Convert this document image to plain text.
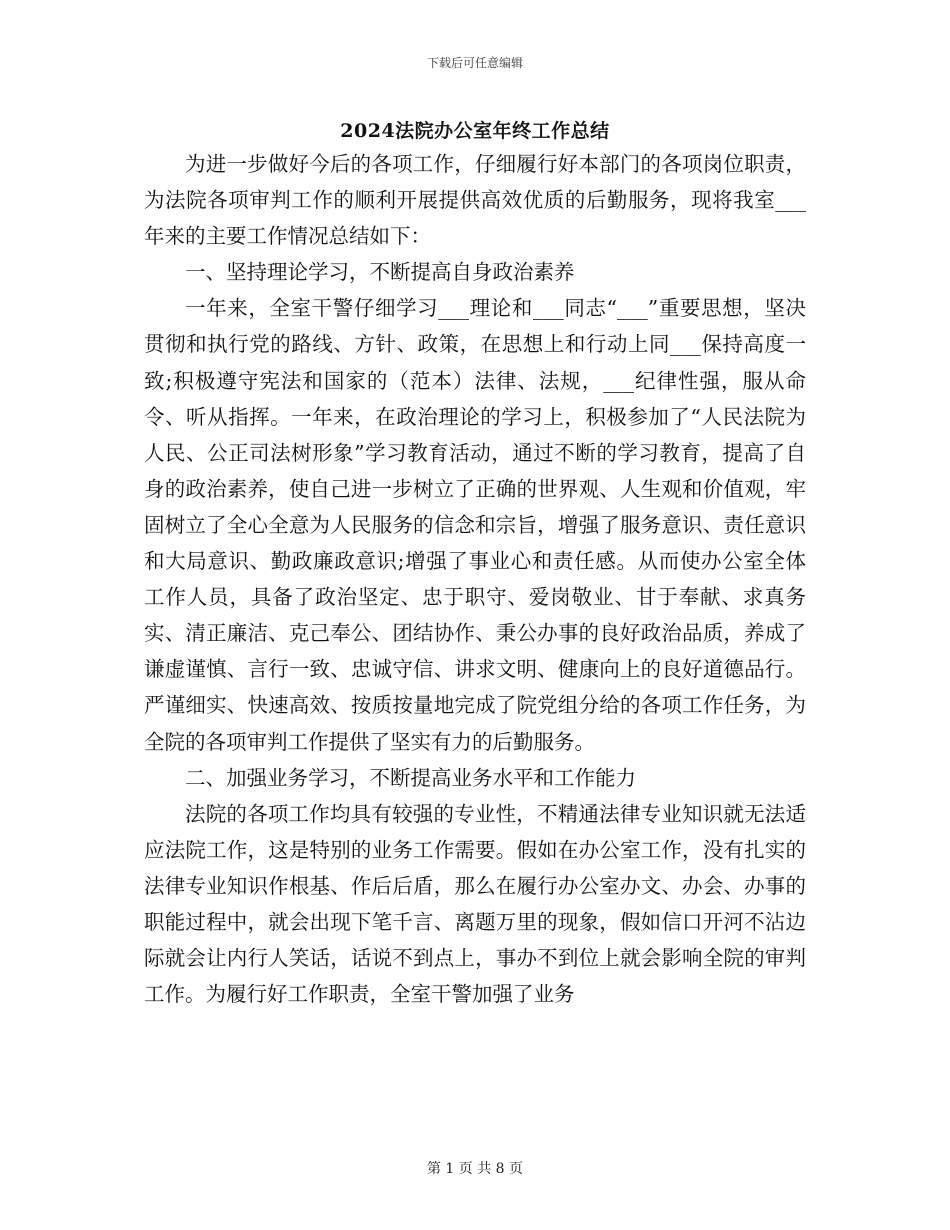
下载后可任意编辑
2024法院办公室年终工作总结

为进一步做好今后的各项工作，仔细履行好本部门的各项岗位职责，为法院各项审判工作的顺利开展提供高效优质的后勤服务，现将我室___年来的主要工作情况总结如下：

一、坚持理论学习，不断提高自身政治素养

一年来，全室干警仔细学习___理论和___同志“___”重要思想，坚决贯彻和执行党的路线、方针、政策，在思想上和行动上同___保持高度一致;积极遵守宪法和国家的（范本）法律、法规，___纪律性强，服从命令、听从指挥。一年来，在政治理论的学习上，积极参加了“人民法院为人民、公正司法树形象”学习教育活动，通过不断的学习教育，提高了自身的政治素养，使自己进一步树立了正确的世界观、人生观和价值观，牢固树立了全心全意为人民服务的信念和宗旨，增强了服务意识、责任意识和大局意识、勤政廉政意识;增强了事业心和责任感。从而使办公室全体工作人员，具备了政治坚定、忠于职守、爱岗敬业、甘于奉献、求真务实、清正廉洁、克己奉公、团结协作、秉公办事的良好政治品质，养成了谦虚谨慎、言行一致、忠诚守信、讲求文明、健康向上的良好道德品行。严谨细实、快速高效、按质按量地完成了院党组分给的各项工作任务，为全院的各项审判工作提供了坚实有力的后勤服务。

二、加强业务学习，不断提高业务水平和工作能力

法院的各项工作均具有较强的专业性，不精通法律专业知识就无法适应法院工作，这是特别的业务工作需要。假如在办公室工作，没有扎实的法律专业知识作根基、作后后盾，那么在履行办公室办文、办会、办事的职能过程中，就会出现下笔千言、离题万里的现象，假如信口开河不沾边际就会让内行人笑话，话说不到点上，事办不到位上就会影响全院的审判工作。为履行好工作职责，全室干警加强了业务

第 1 页 共 8 页
